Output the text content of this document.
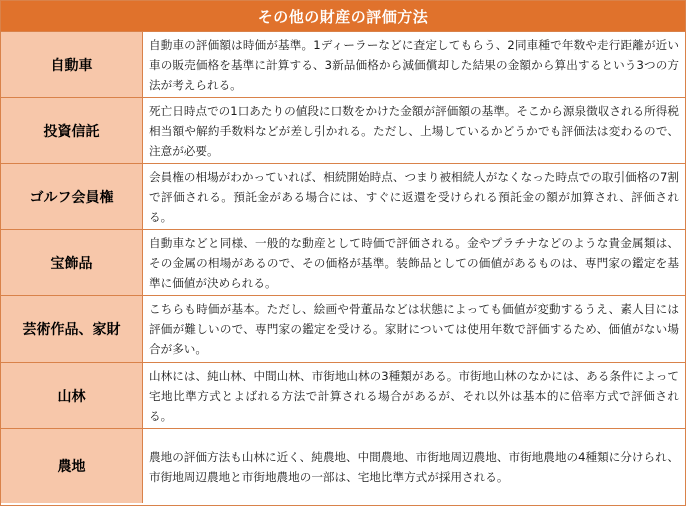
その他の財産の評価方法
自動車
自動車の評価額は時価が基準。1ディーラーなどに査定してもらう、2同車種で年数や走行距離が近い車の販売価格を基準に計算する、3新品価格から減価償却した結果の金額から算出するという3つの方法が考えられる。
投資信託
死亡日時点での1口あたりの値段に口数をかけた金額が評価額の基準。そこから源泉徴収される所得税相当額や解約手数料などが差し引かれる。ただし、上場しているかどうかでも評価法は変わるので、注意が必要。
ゴルフ会員権
会員権の相場がわかっていれば、相続開始時点、つまり被相続人がなくなった時点での取引価格の7割で評価される。預託金がある場合には、すぐに返還を受けられる預託金の額が加算され、評価される。
宝飾品
自動車などと同様、一般的な動産として時価で評価される。金やプラチナなどのような貴金属類は、その金属の相場があるので、その価格が基準。装飾品としての価値があるものは、専門家の鑑定を基準に価値が決められる。
芸術作品、家財
こちらも時価が基本。ただし、絵画や骨董品などは状態によっても価値が変動するうえ、素人目には評価が難しいので、専門家の鑑定を受ける。家財については使用年数で評価するため、価値がない場合が多い。
山林
山林には、純山林、中間山林、市街地山林の3種類がある。市街地山林のなかには、ある条件によって宅地比準方式とよばれる方法で計算される場合があるが、それ以外は基本的に倍率方式で評価される。
農地
農地の評価方法も山林に近く、純農地、中間農地、市街地周辺農地、市街地農地の4種類に分けられ、市街地周辺農地と市街地農地の一部は、宅地比準方式が採用される。
